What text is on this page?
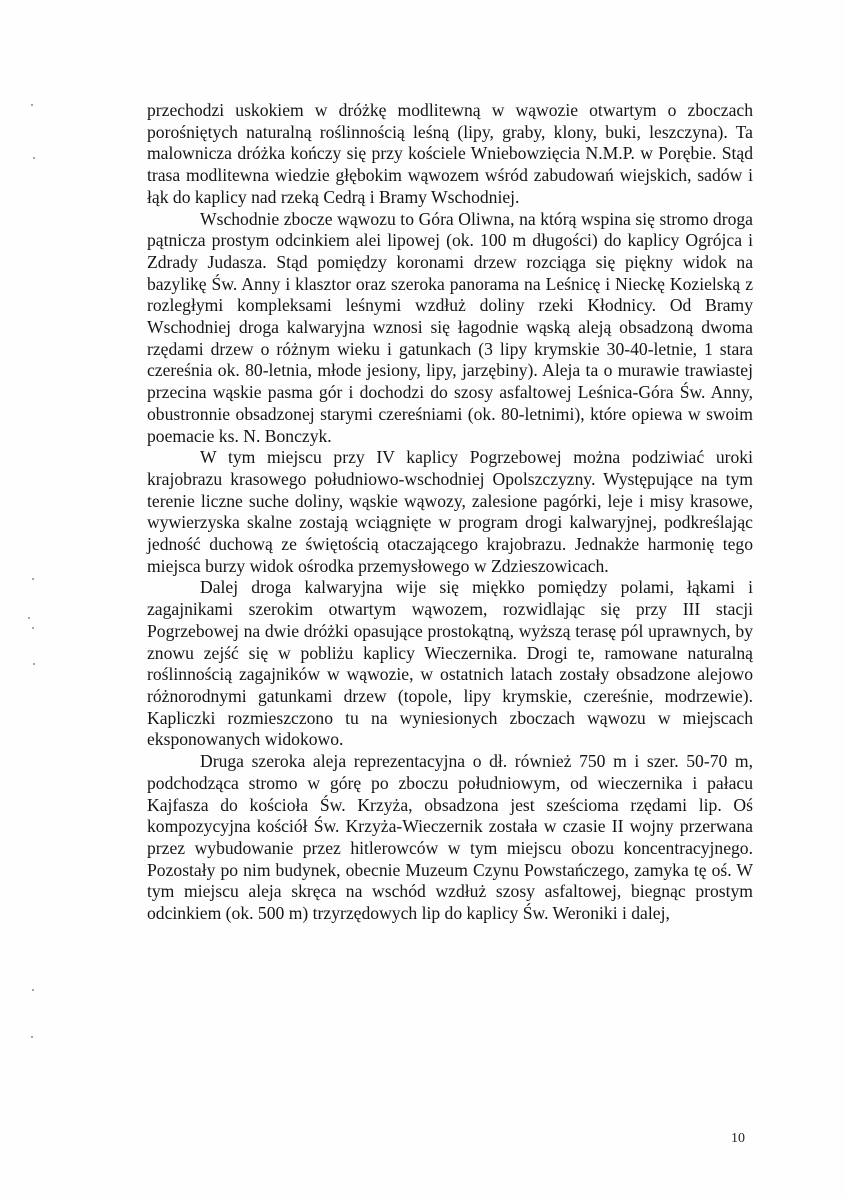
przechodzi uskokiem w dróżkę modlitewną w wąwozie otwartym o zboczach porośniętych naturalną roślinnością leśną (lipy, graby, klony, buki, leszczyna). Ta malownicza dróżka kończy się przy kościele Wniebowzięcia N.M.P. w Porębie. Stąd trasa modlitewna wiedzie głębokim wąwozem wśród zabudowań wiejskich, sadów i łąk do kaplicy nad rzeką Cedrą i Bramy Wschodniej.

Wschodnie zbocze wąwozu to Góra Oliwna, na którą wspina się stromo droga pątnicza prostym odcinkiem alei lipowej (ok. 100 m długości) do kaplicy Ogrójca i Zdrady Judasza. Stąd pomiędzy koronami drzew rozciąga się piękny widok na bazylikę Św. Anny i klasztor oraz szeroka panorama na Leśnicę i Nieckę Kozielską z rozległymi kompleksami leśnymi wzdłuż doliny rzeki Kłodnicy. Od Bramy Wschodniej droga kalwaryjna wznosi się łagodnie wąską aleją obsadzoną dwoma rzędami drzew o różnym wieku i gatunkach (3 lipy krymskie 30-40-letnie, 1 stara czereśnia ok. 80-letnia, młode jesiony, lipy, jarzębiny). Aleja ta o murawie trawiastej przecina wąskie pasma gór i dochodzi do szosy asfaltowej Leśnica-Góra Św. Anny, obustronnie obsadzonej starymi czereśniami (ok. 80-letnimi), które opiewa w swoim poemacie ks. N. Bonczyk.

W tym miejscu przy IV kaplicy Pogrzebowej można podziwiać uroki krajobrazu krasowego południowo-wschodniej Opolszczyzny. Występujące na tym terenie liczne suche doliny, wąskie wąwozy, zalesione pagórki, leje i misy krasowe, wywierzyska skalne zostają wciągnięte w program drogi kalwaryjnej, podkreślając jedność duchową ze świętością otaczającego krajobrazu. Jednakże harmonię tego miejsca burzy widok ośrodka przemysłowego w Zdzieszowicach.

Dalej droga kalwaryjna wije się miękko pomiędzy polami, łąkami i zagajnikami szerokim otwartym wąwozem, rozwidlając się przy III stacji Pogrzebowej na dwie dróżki opasujące prostokątną, wyższą terasę pól uprawnych, by znowu zejść się w pobliżu kaplicy Wieczernika. Drogi te, ramowane naturalną roślinnością zagajników w wąwozie, w ostatnich latach zostały obsadzone alejowo różnorodnymi gatunkami drzew (topole, lipy krymskie, czereśnie, modrzewie). Kapliczki rozmieszczono tu na wyniesionych zboczach wąwozu w miejscach eksponowanych widokowo.

Druga szeroka aleja reprezentacyjna o dł. również 750 m i szer. 50-70 m, podchodząca stromo w górę po zboczu południowym, od wieczernika i pałacu Kajfasza do kościoła Św. Krzyża, obsadzona jest sześcioma rzędami lip. Oś kompozycyjna kościół Św. Krzyża-Wieczernik została w czasie II wojny przerwana przez wybudowanie przez hitlerowców w tym miejscu obozu koncentracyjnego. Pozostały po nim budynek, obecnie Muzeum Czynu Powstańczego, zamyka tę oś. W tym miejscu aleja skręca na wschód wzdłuż szosy asfaltowej, biegnąc prostym odcinkiem (ok. 500 m) trzyrzędowych lip do kaplicy Św. Weroniki i dalej,

10
